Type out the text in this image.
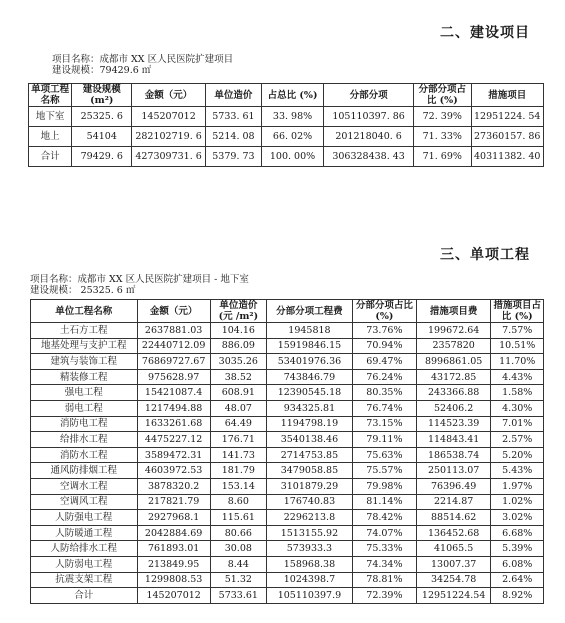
二、建设项目
项目名称：成都市 XX 区人民医院扩建项目
建设规模：79429.6 ㎡
单项工程名称	建设规模(m²)	金额（元）	单位造价	占总比 (%)	分部分项	分部分项占比 (%)	措施项目
地下室	25325. 6	145207012	5733. 61	33. 98%	105110397. 86	72. 39%	12951224. 54
地上	54104	282102719. 6	5214. 08	66. 02%	201218040. 6	71. 33%	27360157. 86
合计	79429. 6	427309731. 6	5379. 73	100. 00%	306328438. 43	71. 69%	40311382. 40
三、单项工程
项目名称：成都市 XX 区人民医院扩建项目 - 地下室
建设规模： 25325. 6 ㎡
单位工程名称	金额（元）	单位造价(元 /m²)	分部分项工程费	分部分项占比(%)	措施项目费	措施项目占比 (%)
土石方工程	2637881.03	104.16	1945818	73.76%	199672.64	7.57%
地基处理与支护工程	22440712.09	886.09	15919846.15	70.94%	2357820	10.51%
建筑与装饰工程	76869727.67	3035.26	53401976.36	69.47%	8996861.05	11.70%
精装修工程	975628.97	38.52	743846.79	76.24%	43172.85	4.43%
强电工程	15421087.4	608.91	12390545.18	80.35%	243366.88	1.58%
弱电工程	1217494.88	48.07	934325.81	76.74%	52406.2	4.30%
消防电工程	1633261.68	64.49	1194798.19	73.15%	114523.39	7.01%
给排水工程	4475227.12	176.71	3540138.46	79.11%	114843.41	2.57%
消防水工程	3589472.31	141.73	2714753.85	75.63%	186538.74	5.20%
通风防排烟工程	4603972.53	181.79	3479058.85	75.57%	250113.07	5.43%
空调水工程	3878320.2	153.14	3101879.29	79.98%	76396.49	1.97%
空调风工程	217821.79	8.60	176740.83	81.14%	2214.87	1.02%
人防强电工程	2927968.1	115.61	2296213.8	78.42%	88514.62	3.02%
人防暖通工程	2042884.69	80.66	1513155.92	74.07%	136452.68	6.68%
人防给排水工程	761893.01	30.08	573933.3	75.33%	41065.5	5.39%
人防弱电工程	213849.95	8.44	158968.38	74.34%	13007.37	6.08%
抗震支架工程	1299808.53	51.32	1024398.7	78.81%	34254.78	2.64%
合计	145207012	5733.61	105110397.9	72.39%	12951224.54	8.92%
